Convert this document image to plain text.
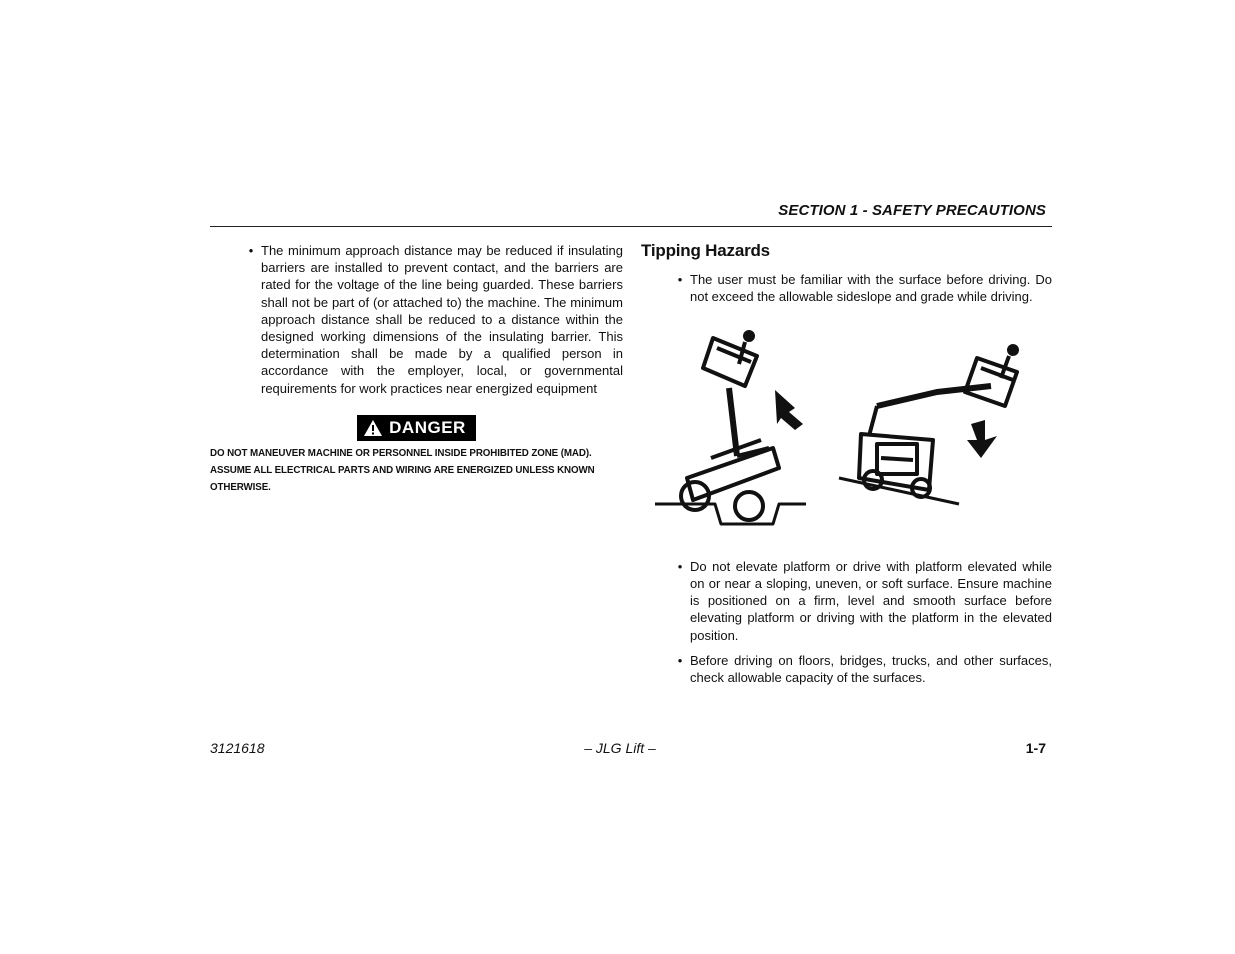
SECTION 1 - SAFETY PRECAUTIONS
• The minimum approach distance may be reduced if insulating barriers are installed to prevent contact, and the barriers are rated for the voltage of the line being guarded. These barriers shall not be part of (or attached to) the machine. The minimum approach distance shall be reduced to a distance within the designed working dimensions of the insulating barrier. This determination shall be made by a qualified person in accordance with the employer, local, or governmental requirements for work practices near energized equipment
DANGER
DO NOT MANEUVER MACHINE OR PERSONNEL INSIDE PROHIBITED ZONE (MAD). ASSUME ALL ELECTRICAL PARTS AND WIRING ARE ENERGIZED UNLESS KNOWN OTHERWISE.
Tipping Hazards
• The user must be familiar with the surface before driving. Do not exceed the allowable sideslope and grade while driving.
• Do not elevate platform or drive with platform elevated while on or near a sloping, uneven, or soft surface. Ensure machine is positioned on a firm, level and smooth surface before elevating platform or driving with the platform in the elevated position.
• Before driving on floors, bridges, trucks, and other surfaces, check allowable capacity of the surfaces.
3121618	– JLG Lift –	1-7
